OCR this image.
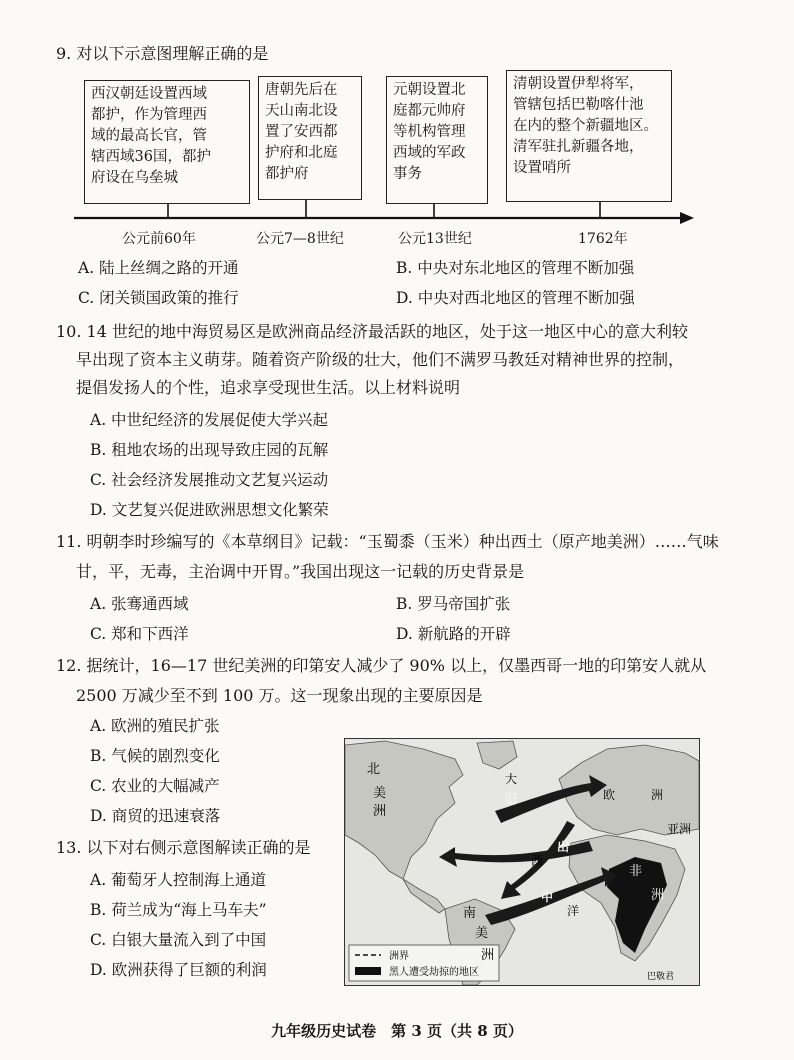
9. 对以下示意图理解正确的是
西汉朝廷设置西域
都护，作为管理西
域的最高长官，管
辖西域36国，都护
府设在乌垒城
唐朝先后在
天山南北设
置了安西都
护府和北庭
都护府
元朝设置北
庭都元帅府
等机构管理
西域的军政
事务
清朝设置伊犁将军，
管辖包括巴勒喀什池
在内的整个新疆地区。
清军驻扎新疆各地，
设置哨所
公元前60年	公元7—8世纪	公元13世纪	1762年
A. 陆上丝绸之路的开通	B. 中央对东北地区的管理不断加强
C. 闭关锁国政策的推行	D. 中央对西北地区的管理不断加强
10. 14 世纪的地中海贸易区是欧洲商品经济最活跃的地区，处于这一地区中心的意大利较
早出现了资本主义萌芽。随着资产阶级的壮大，他们不满罗马教廷对精神世界的控制，
提倡发扬人的个性，追求享受现世生活。以上材料说明
A. 中世纪经济的发展促使大学兴起
B. 租地农场的出现导致庄园的瓦解
C. 社会经济发展推动文艺复兴运动
D. 文艺复兴促进欧洲思想文化繁荣
11. 明朝李时珍编写的《本草纲目》记载：“玉蜀黍（玉米）种出西土（原产地美洲）……气味
甘，平，无毒，主治调中开胃。”我国出现这一记载的历史背景是
A. 张骞通西域	B. 罗马帝国扩张
C. 郑和下西洋	D. 新航路的开辟
12. 据统计，16—17 世纪美洲的印第安人减少了 90% 以上，仅墨西哥一地的印第安人就从
2500 万减少至不到 100 万。这一现象出现的主要原因是
A. 欧洲的殖民扩张
B. 气候的剧烈变化
C. 农业的大幅减产
D. 商贸的迅速衰落
13. 以下对右侧示意图解读正确的是
A. 葡萄牙人控制海上通道
B. 荷兰成为“海上马车夫”
C. 白银大量流入到了中国
D. 欧洲获得了巨额的利润
洲界
黑人遭受劫掠的地区
北
美
洲
大
欧	洲
亚洲
西
南
美
洲
非
洲
洋
旧
出
中
巴敬君
九年级历史试卷　第 3 页（共 8 页）
